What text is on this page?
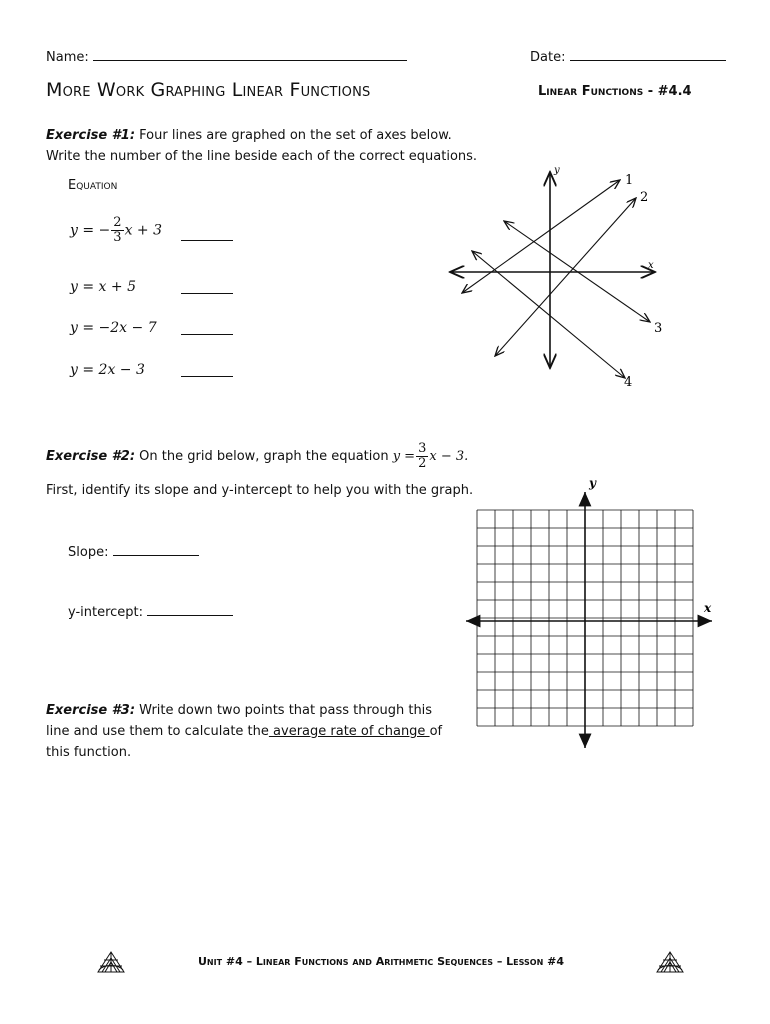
Name:	Date:
More Work Graphing Linear Functions	Linear Functions - #4.4
Exercise #1: Four lines are graphed on the set of axes below.
Write the number of the line beside each of the correct equations.
Equation
y = − $\frac{2}{3}$ x + 3
y = x + 5
y = −2x − 7
y = 2x − 3
y
x
1
2
3
4
Exercise #2: On the grid below, graph the equation $y = \frac{3}{2}$ x − 3.
First, identify its slope and y-intercept to help you with the graph.
Slope:
y-intercept:
y
x
Exercise #3: Write down two points that pass through this
line and use them to calculate the average rate of change of
this function.
Unit #4 – Linear Functions and Arithmetic Sequences – Lesson #4
